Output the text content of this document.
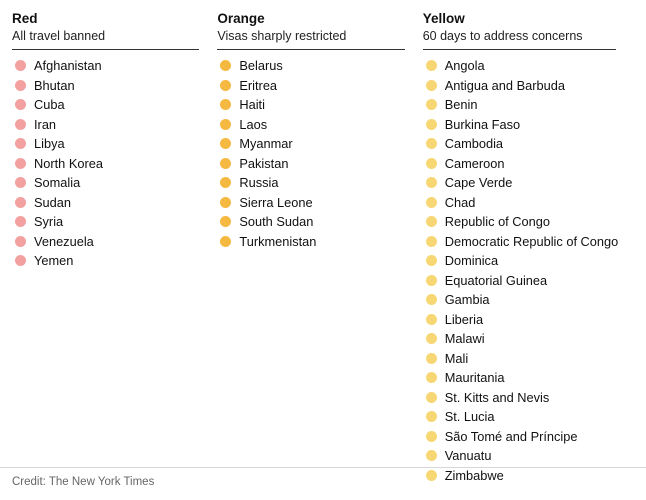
Red
All travel banned
Afghanistan
Bhutan
Cuba
Iran
Libya
North Korea
Somalia
Sudan
Syria
Venezuela
Yemen
Orange
Visas sharply restricted
Belarus
Eritrea
Haiti
Laos
Myanmar
Pakistan
Russia
Sierra Leone
South Sudan
Turkmenistan
Yellow
60 days to address concerns
Angola
Antigua and Barbuda
Benin
Burkina Faso
Cambodia
Cameroon
Cape Verde
Chad
Republic of Congo
Democratic Republic of Congo
Dominica
Equatorial Guinea
Gambia
Liberia
Malawi
Mali
Mauritania
St. Kitts and Nevis
St. Lucia
São Tomé and Príncipe
Vanuatu
Zimbabwe
Credit: The New York Times
